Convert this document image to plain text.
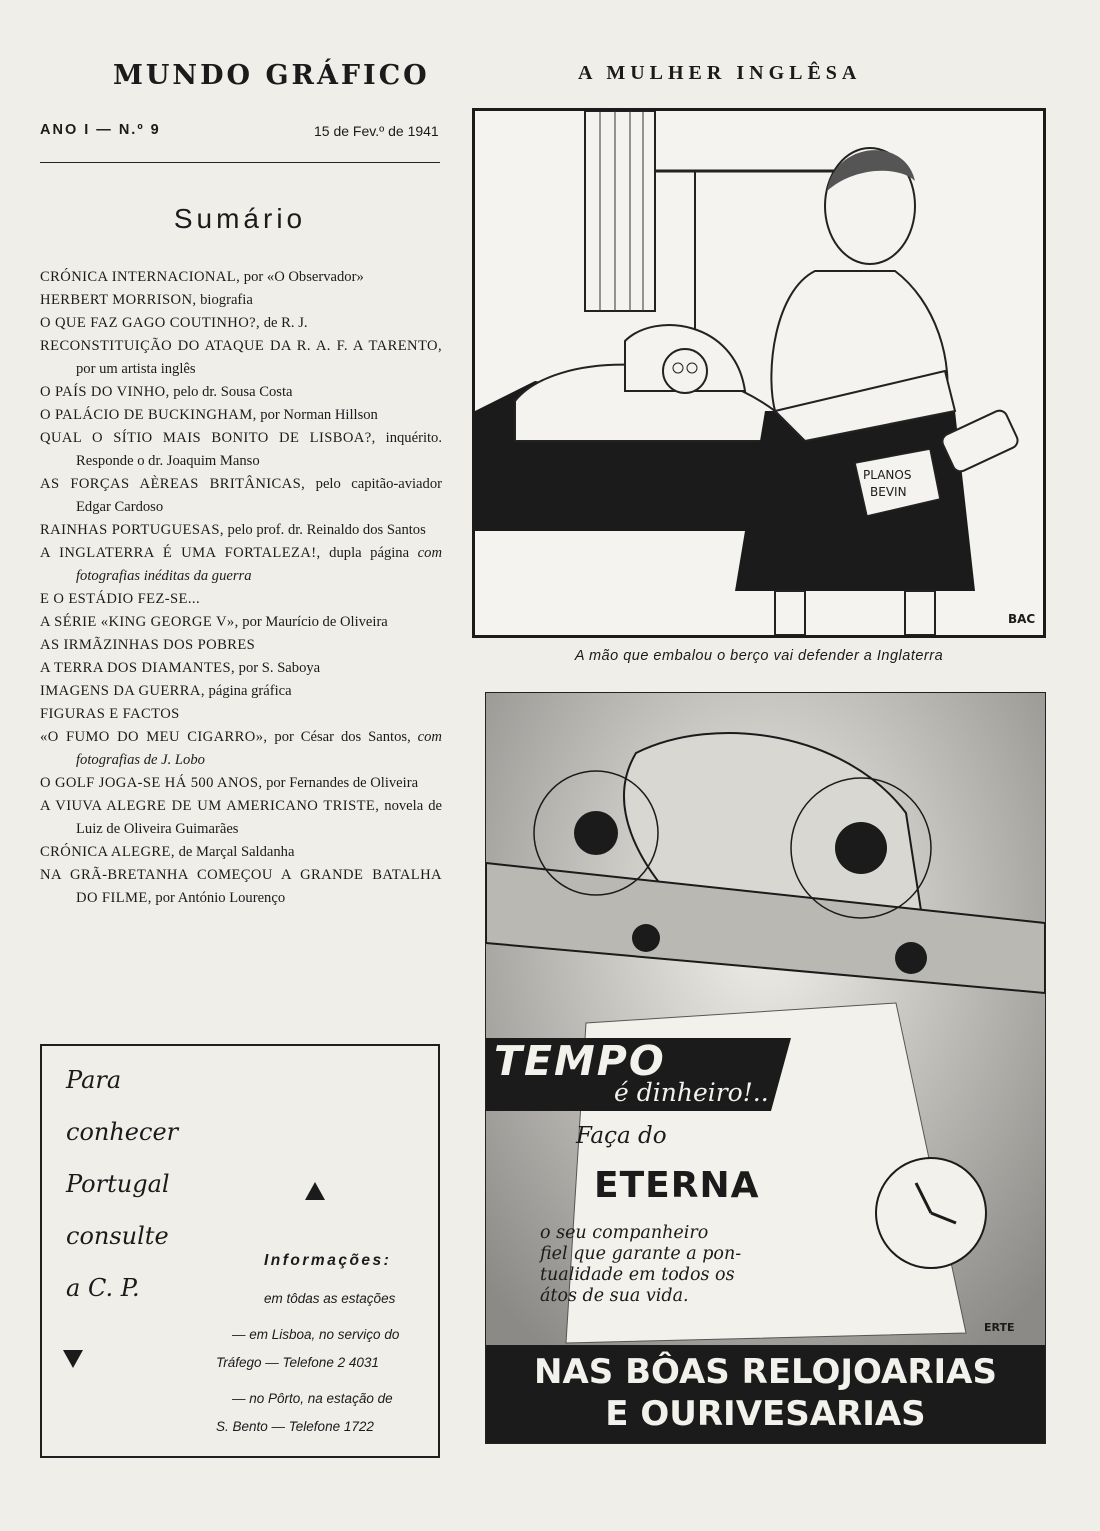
MUNDO GRÁFICO	A MULHER INGLÊSA
ANO I — N.º 9	15 de Fev.º de 1941
Sumário
CRÓNICA INTERNACIONAL, por «O Observador»
HERBERT MORRISON, biografia
O QUE FAZ GAGO COUTINHO?, de R. J.
RECONSTITUIÇÃO DO ATAQUE DA R. A. F. A TARENTO, por um artista inglês
O PAÍS DO VINHO, pelo dr. Sousa Costa
O PALÁCIO DE BUCKINGHAM, por Norman Hillson
QUAL O SÍTIO MAIS BONITO DE LISBOA?, inquérito. Responde o dr. Joaquim Manso
AS FORÇAS AÈREAS BRITÂNICAS, pelo capitão-aviador Edgar Cardoso
RAINHAS PORTUGUESAS, pelo prof. dr. Reinaldo dos Santos
A INGLATERRA É UMA FORTALEZA!, dupla página com fotografias inéditas da guerra
E O ESTÁDIO FEZ-SE...
A SÉRIE «KING GEORGE V», por Maurício de Oliveira
AS IRMÃZINHAS DOS POBRES
A TERRA DOS DIAMANTES, por S. Saboya
IMAGENS DA GUERRA, página gráfica
FIGURAS E FACTOS
«O FUMO DO MEU CIGARRO», por César dos Santos, com fotografias de J. Lobo
O GOLF JOGA-SE HÁ 500 ANOS, por Fernandes de Oliveira
A VIUVA ALEGRE DE UM AMERICANO TRISTE, novela de Luiz de Oliveira Guimarães
CRÓNICA ALEGRE, de Marçal Saldanha
NA GRÃ-BRETANHA COMEÇOU A GRANDE BATALHA DO FILME, por António Lourenço
Para
conhecer
Portugal
consulte
a C. P.
Informações:
em tôdas as estações
— em Lisboa, no serviço do
Tráfego — Telefone 2 4031
— no Pôrto, na estação de
S. Bento — Telefone 1722
PLANOS
BEVIN
BAC
A mão que embalou o berço vai defender a Inglaterra
TEMPO
é dinheiro!..
Faça do
ETERNA
o seu companheiro
fiel que garante a pon-
tualidade em todos os
átos de sua vida.
ERTE
NAS BÔAS RELOJOARIAS
E OURIVESARIAS
